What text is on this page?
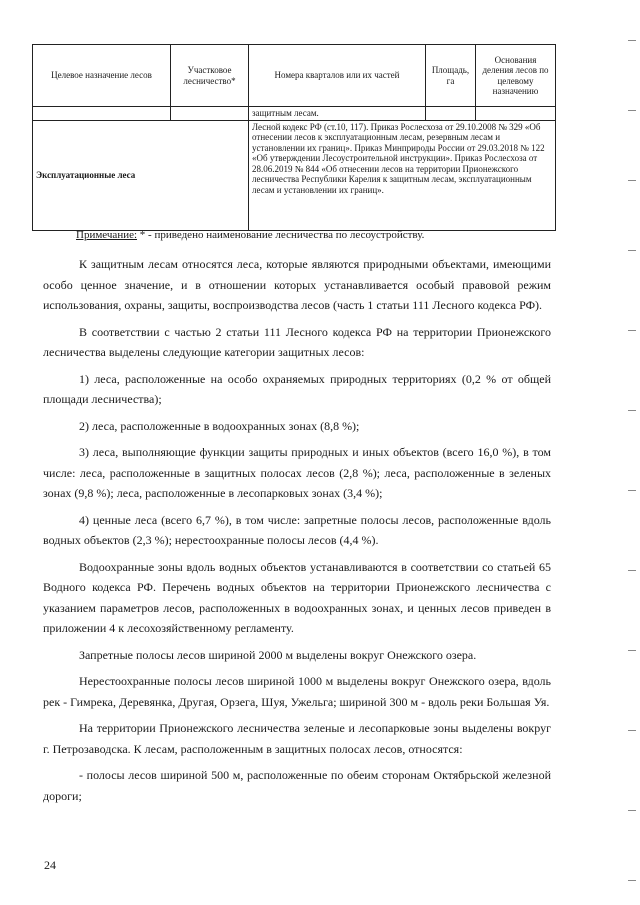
Целевое назначение лесов	Участковое лесничество*	Номера кварталов или их частей	Площадь, га	Основания деления лесов по целевому назначению
		защитным лесам.		
Эксплуатационные леса		Лесной кодекс РФ (ст.10, 117). Приказ Рослесхоза от 29.10.2008 № 329 «Об отнесении лесов к эксплуатационным лесам, резервным лесам и установлении их границ». Приказ Минприроды России от 29.03.2018 № 122 «Об утверждении Лесоустроительной инструкции». Приказ Рослесхоза от 28.06.2019 № 844 «Об отнесении лесов на территории Прионежского лесничества Республики Карелия к защитным лесам, эксплуатационным лесам и установлении их границ».		
Примечание: * - приведено наименование лесничества по лесоустройству.

К защитным лесам относятся леса, которые являются природными объектами, имеющими особо ценное значение, и в отношении которых устанавливается особый правовой режим использования, охраны, защиты, воспроизводства лесов (часть 1 статьи 111 Лесного кодекса РФ).

В соответствии с частью 2 статьи 111 Лесного кодекса РФ на территории Прионежского лесничества выделены следующие категории защитных лесов:

1) леса, расположенные на особо охраняемых природных территориях (0,2 % от общей площади лесничества);

2) леса, расположенные в водоохранных зонах (8,8 %);

3) леса, выполняющие функции защиты природных и иных объектов (всего 16,0 %), в том числе: леса, расположенные в защитных полосах лесов (2,8 %); леса, расположенные в зеленых зонах (9,8 %); леса, расположенные в лесопарковых зонах (3,4 %);

4) ценные леса (всего 6,7 %), в том числе: запретные полосы лесов, расположенные вдоль водных объектов (2,3 %); нерестоохранные полосы лесов (4,4 %).

Водоохранные зоны вдоль водных объектов устанавливаются в соответствии со статьей 65 Водного кодекса РФ. Перечень водных объектов на территории Прионежского лесничества с указанием параметров лесов, расположенных в водоохранных зонах, и ценных лесов приведен в приложении 4 к лесохозяйственному регламенту.

Запретные полосы лесов шириной 2000 м выделены вокруг Онежского озера.

Нерестоохранные полосы лесов шириной 1000 м выделены вокруг Онежского озера, вдоль рек - Гимрека, Деревянка, Другая, Орзега, Шуя, Ужельга; шириной 300 м - вдоль реки Большая Уя.

На территории Прионежского лесничества зеленые и лесопарковые зоны выделены вокруг г. Петрозаводска. К лесам, расположенным в защитных полосах лесов, относятся:

- полосы лесов шириной 500 м, расположенные по обеим сторонам Октябрьской железной дороги;

24
